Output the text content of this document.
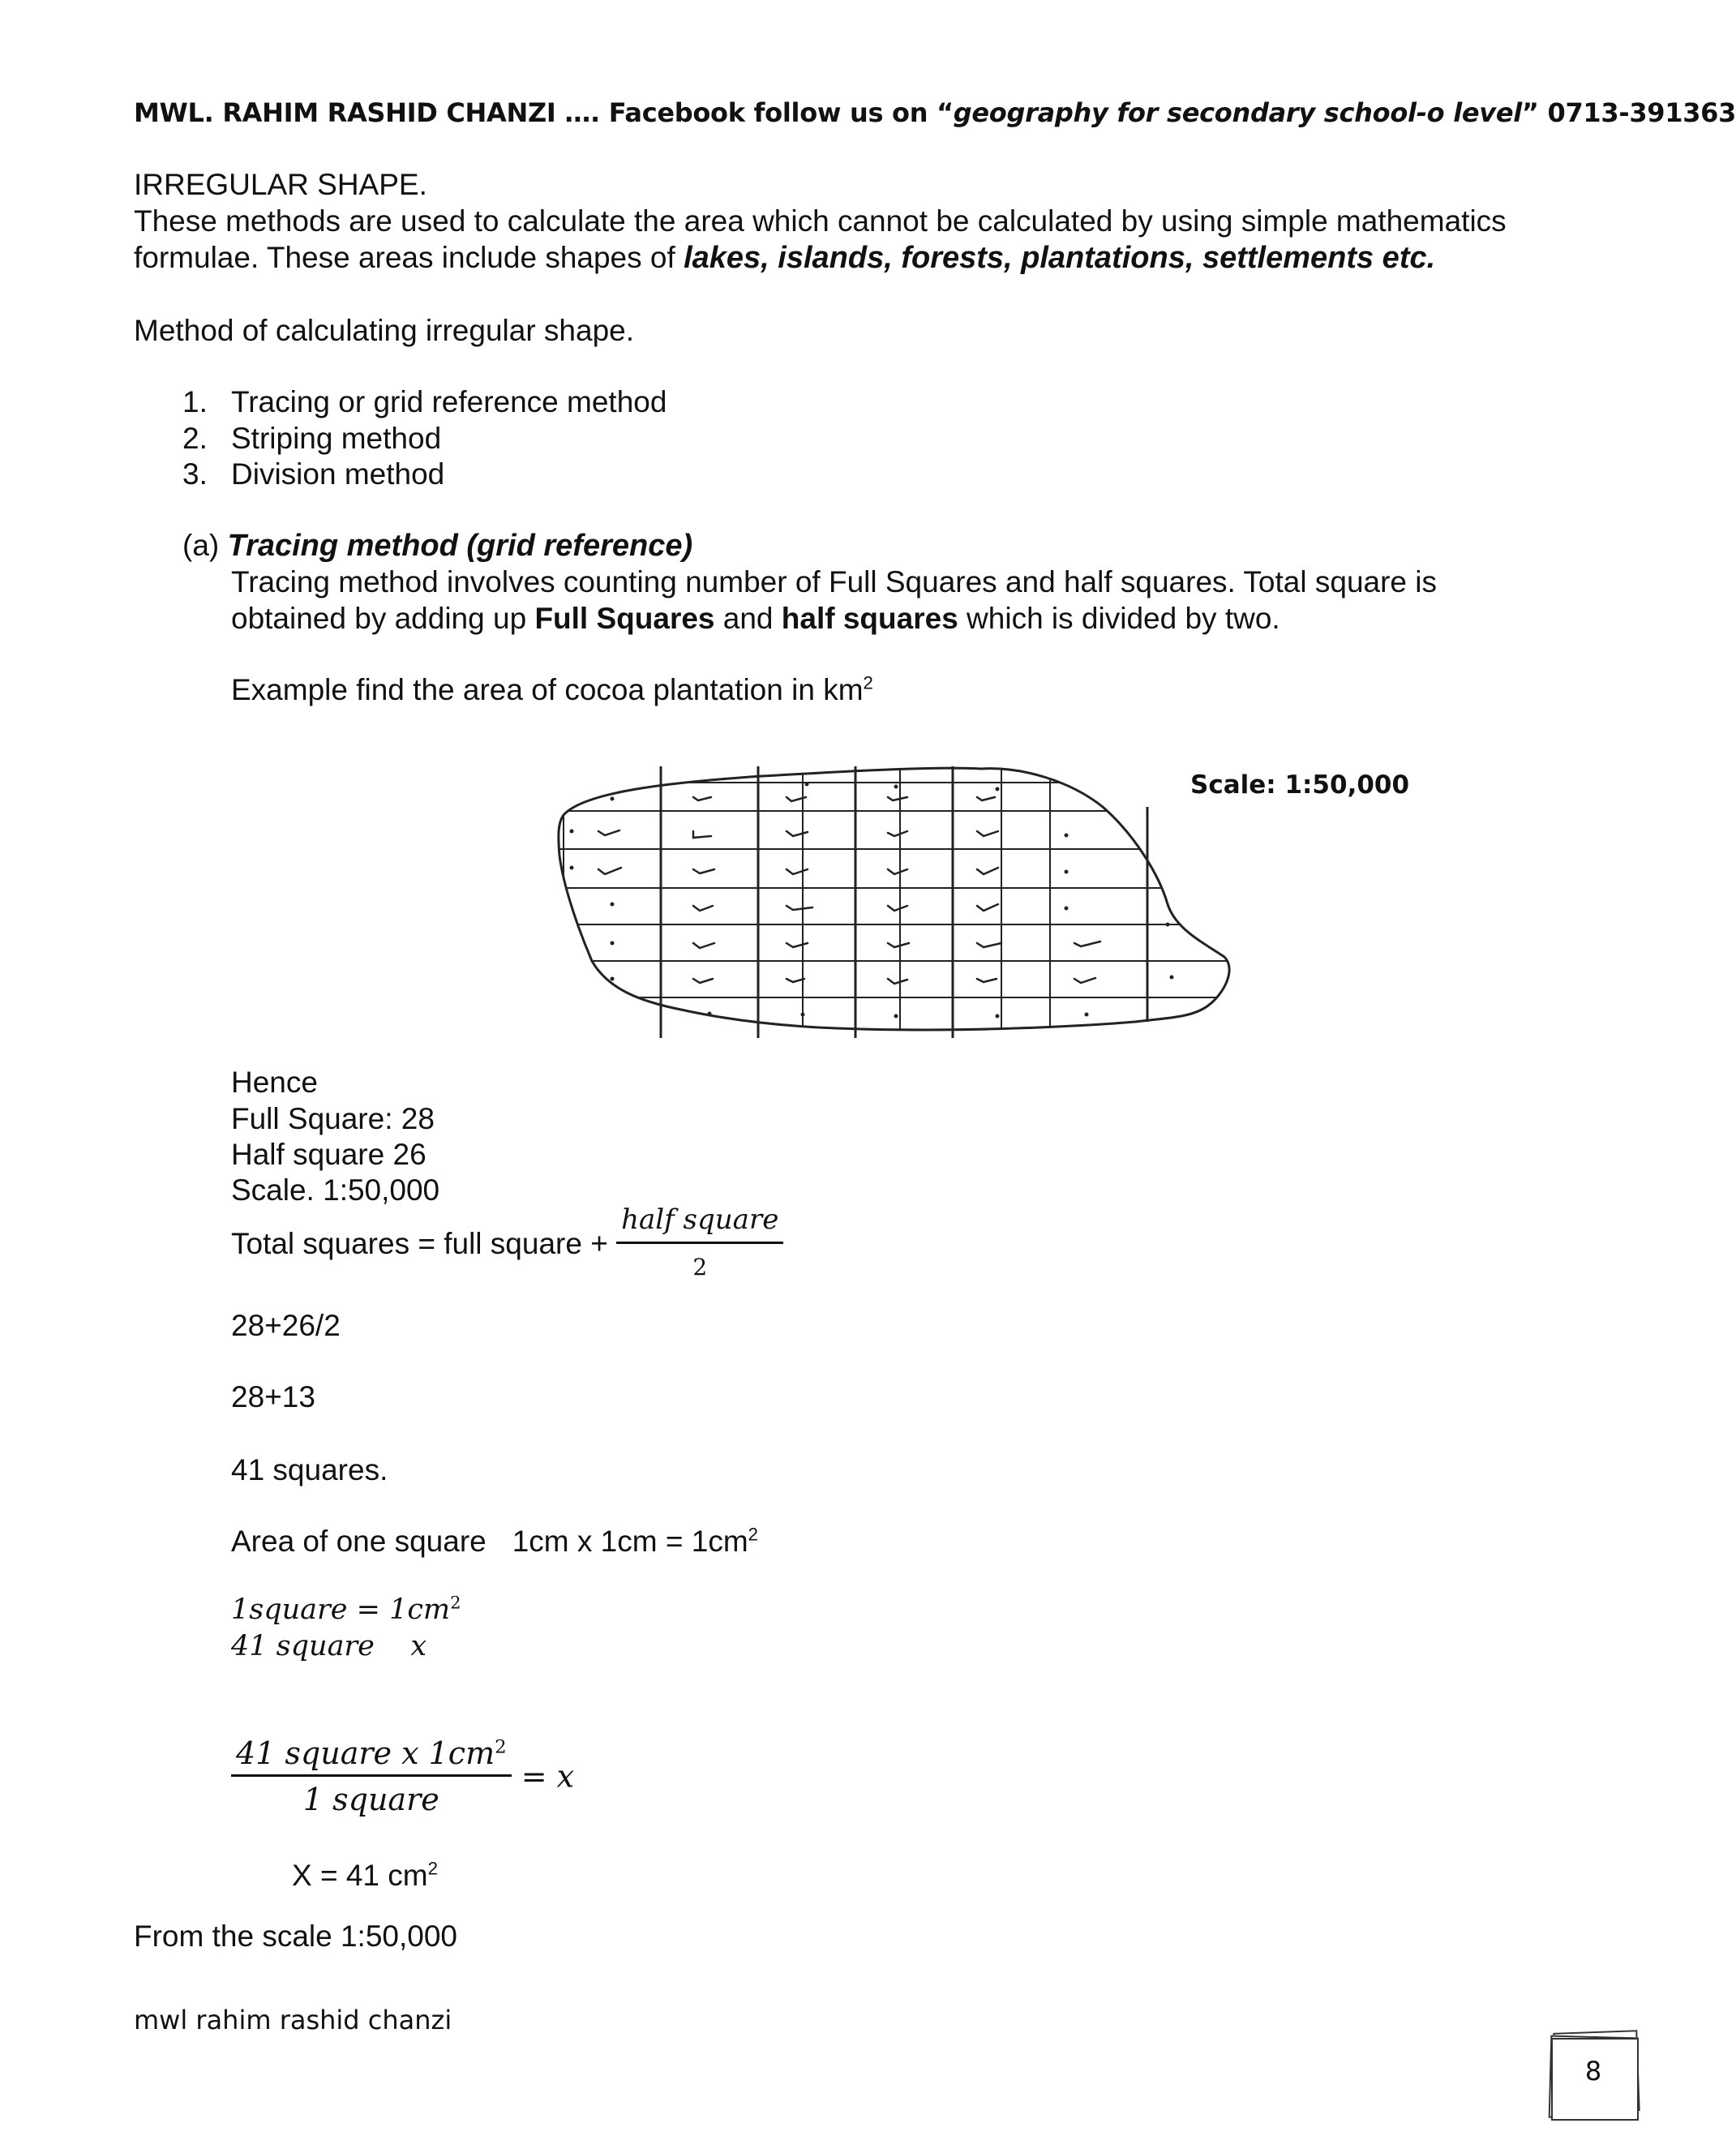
MWL. RAHIM RASHID CHANZI …. Facebook follow us on “geography for secondary school-o level” 0713-391363
IRREGULAR SHAPE.
These methods are used to calculate the area which cannot be calculated by using simple mathematics
formulae. These areas include shapes of lakes, islands, forests, plantations, settlements etc.
Method of calculating irregular shape.
1. Tracing or grid reference method
2. Striping method
3. Division method
(a) Tracing method (grid reference)
Tracing method involves counting number of Full Squares and half squares. Total square is
obtained by adding up Full Squares and half squares which is divided by two.
Example find the area of cocoa plantation in $km^2$
Scale: 1:50,000
Hence
Full Square: 28
Half square 26
Scale. 1:50,000
Total squares = full square + $\frac{\text{half square}}{2}$
28+26/2
28+13
41 squares.
Area of one square 1cm x $1cm = 1cm^2$
1square = $1cm^2$
41 square    x
$\frac{41 square x 1cm^2}{\text{1 square}} = x$
X = 41 $cm^2$
From the scale 1:50,000
mwl rahim rashid chanzi
8
